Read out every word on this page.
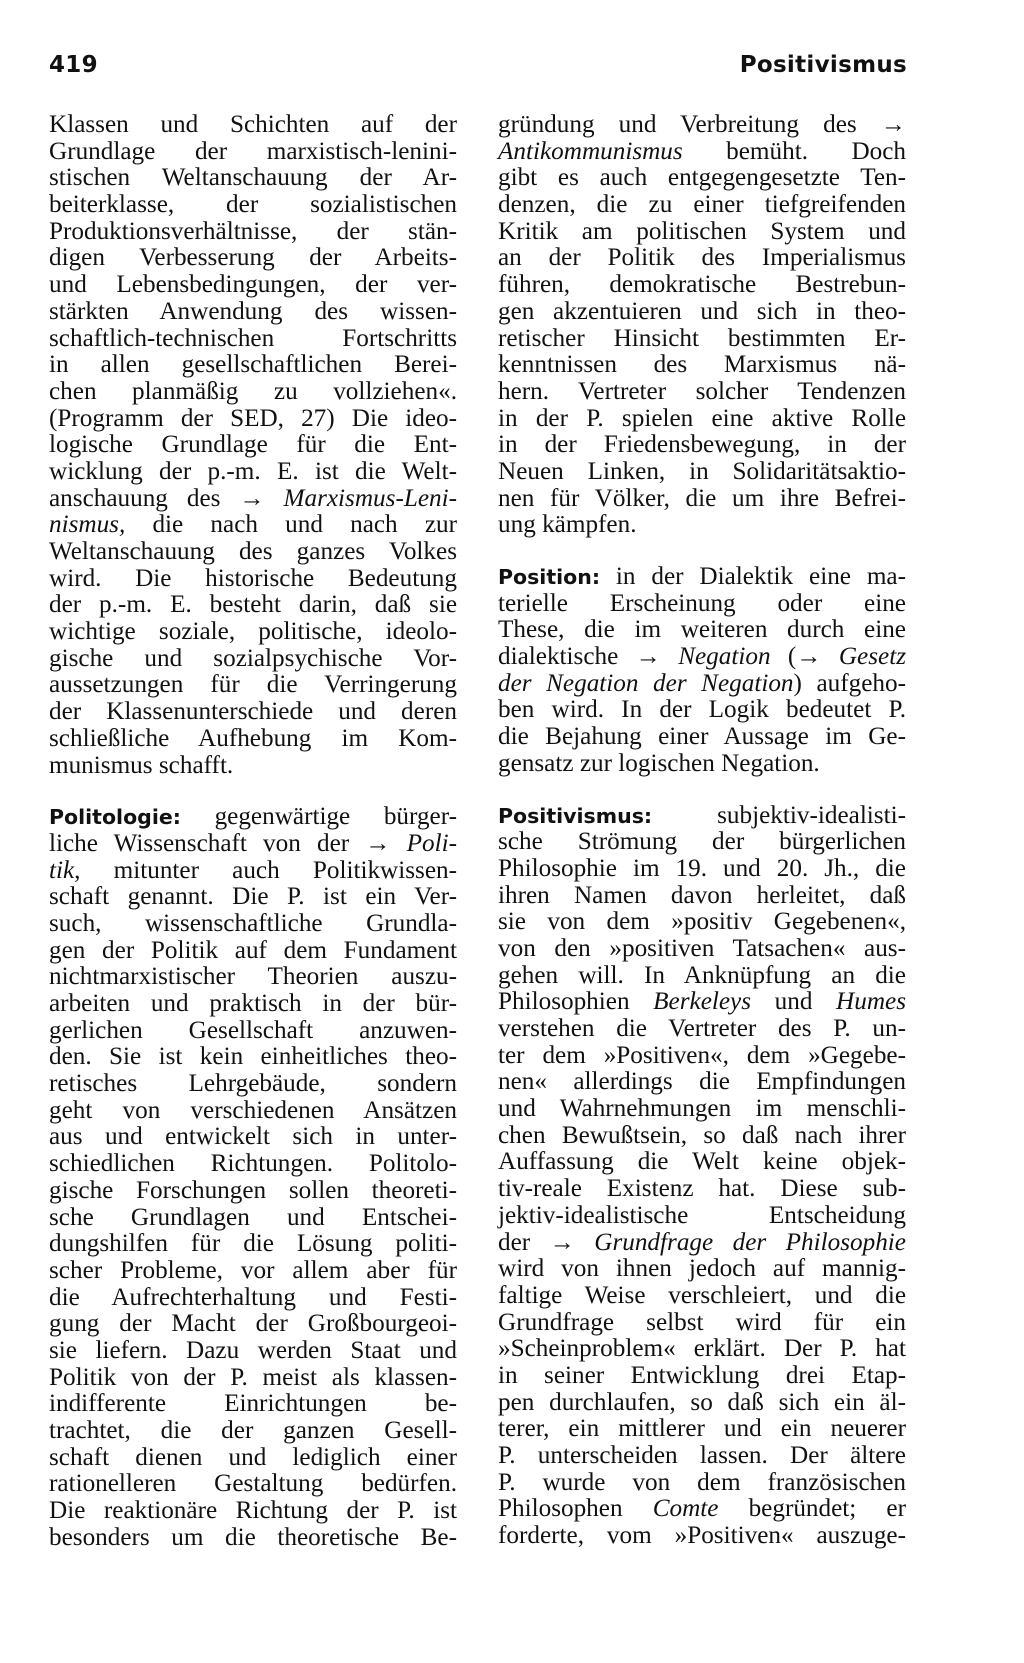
419	Positivismus
Klassen und Schichten auf der
Grundlage der marxistisch-lenini-
stischen Weltanschauung der Ar-
beiterklasse, der sozialistischen
Produktionsverhältnisse, der stän-
digen Verbesserung der Arbeits-
und Lebensbedingungen, der ver-
stärkten Anwendung des wissen-
schaftlich-technischen Fortschritts
in allen gesellschaftlichen Berei-
chen planmäßig zu vollziehen«.
(Programm der SED, 27) Die ideo-
logische Grundlage für die Ent-
wicklung der p.-m. E. ist die Welt-
anschauung des → Marxismus-Leni-
nismus, die nach und nach zur
Weltanschauung des ganzes Volkes
wird. Die historische Bedeutung
der p.-m. E. besteht darin, daß sie
wichtige soziale, politische, ideolo-
gische und sozialpsychische Vor-
aussetzungen für die Verringerung
der Klassenunterschiede und deren
schließliche Aufhebung im Kom-
munismus schafft.
Politologie: gegenwärtige bürger-
liche Wissenschaft von der → Poli-
tik, mitunter auch Politikwissen-
schaft genannt. Die P. ist ein Ver-
such, wissenschaftliche Grundla-
gen der Politik auf dem Fundament
nichtmarxistischer Theorien auszu-
arbeiten und praktisch in der bür-
gerlichen Gesellschaft anzuwen-
den. Sie ist kein einheitliches theo-
retisches Lehrgebäude, sondern
geht von verschiedenen Ansätzen
aus und entwickelt sich in unter-
schiedlichen Richtungen. Politolo-
gische Forschungen sollen theoreti-
sche Grundlagen und Entschei-
dungshilfen für die Lösung politi-
scher Probleme, vor allem aber für
die Aufrechterhaltung und Festi-
gung der Macht der Großbourgeoi-
sie liefern. Dazu werden Staat und
Politik von der P. meist als klassen-
indifferente Einrichtungen be-
trachtet, die der ganzen Gesell-
schaft dienen und lediglich einer
rationelleren Gestaltung bedürfen.
Die reaktionäre Richtung der P. ist
besonders um die theoretische Be-
gründung und Verbreitung des →
Antikommunismus bemüht. Doch
gibt es auch entgegengesetzte Ten-
denzen, die zu einer tiefgreifenden
Kritik am politischen System und
an der Politik des Imperialismus
führen, demokratische Bestrebun-
gen akzentuieren und sich in theo-
retischer Hinsicht bestimmten Er-
kenntnissen des Marxismus nä-
hern. Vertreter solcher Tendenzen
in der P. spielen eine aktive Rolle
in der Friedensbewegung, in der
Neuen Linken, in Solidaritätsaktio-
nen für Völker, die um ihre Befrei-
ung kämpfen.
Position: in der Dialektik eine ma-
terielle Erscheinung oder eine
These, die im weiteren durch eine
dialektische → Negation (→ Gesetz
der Negation der Negation) aufgeho-
ben wird. In der Logik bedeutet P.
die Bejahung einer Aussage im Ge-
gensatz zur logischen Negation.
Positivismus: subjektiv-idealisti-
sche Strömung der bürgerlichen
Philosophie im 19. und 20. Jh., die
ihren Namen davon herleitet, daß
sie von dem »positiv Gegebenen«,
von den »positiven Tatsachen« aus-
gehen will. In Anknüpfung an die
Philosophien Berkeleys und Humes
verstehen die Vertreter des P. un-
ter dem »Positiven«, dem »Gegebe-
nen« allerdings die Empfindungen
und Wahrnehmungen im menschli-
chen Bewußtsein, so daß nach ihrer
Auffassung die Welt keine objek-
tiv-reale Existenz hat. Diese sub-
jektiv-idealistische Entscheidung
der → Grundfrage der Philosophie
wird von ihnen jedoch auf mannig-
faltige Weise verschleiert, und die
Grundfrage selbst wird für ein
»Scheinproblem« erklärt. Der P. hat
in seiner Entwicklung drei Etap-
pen durchlaufen, so daß sich ein äl-
terer, ein mittlerer und ein neuerer
P. unterscheiden lassen. Der ältere
P. wurde von dem französischen
Philosophen Comte begründet; er
forderte, vom »Positiven« auszuge-
